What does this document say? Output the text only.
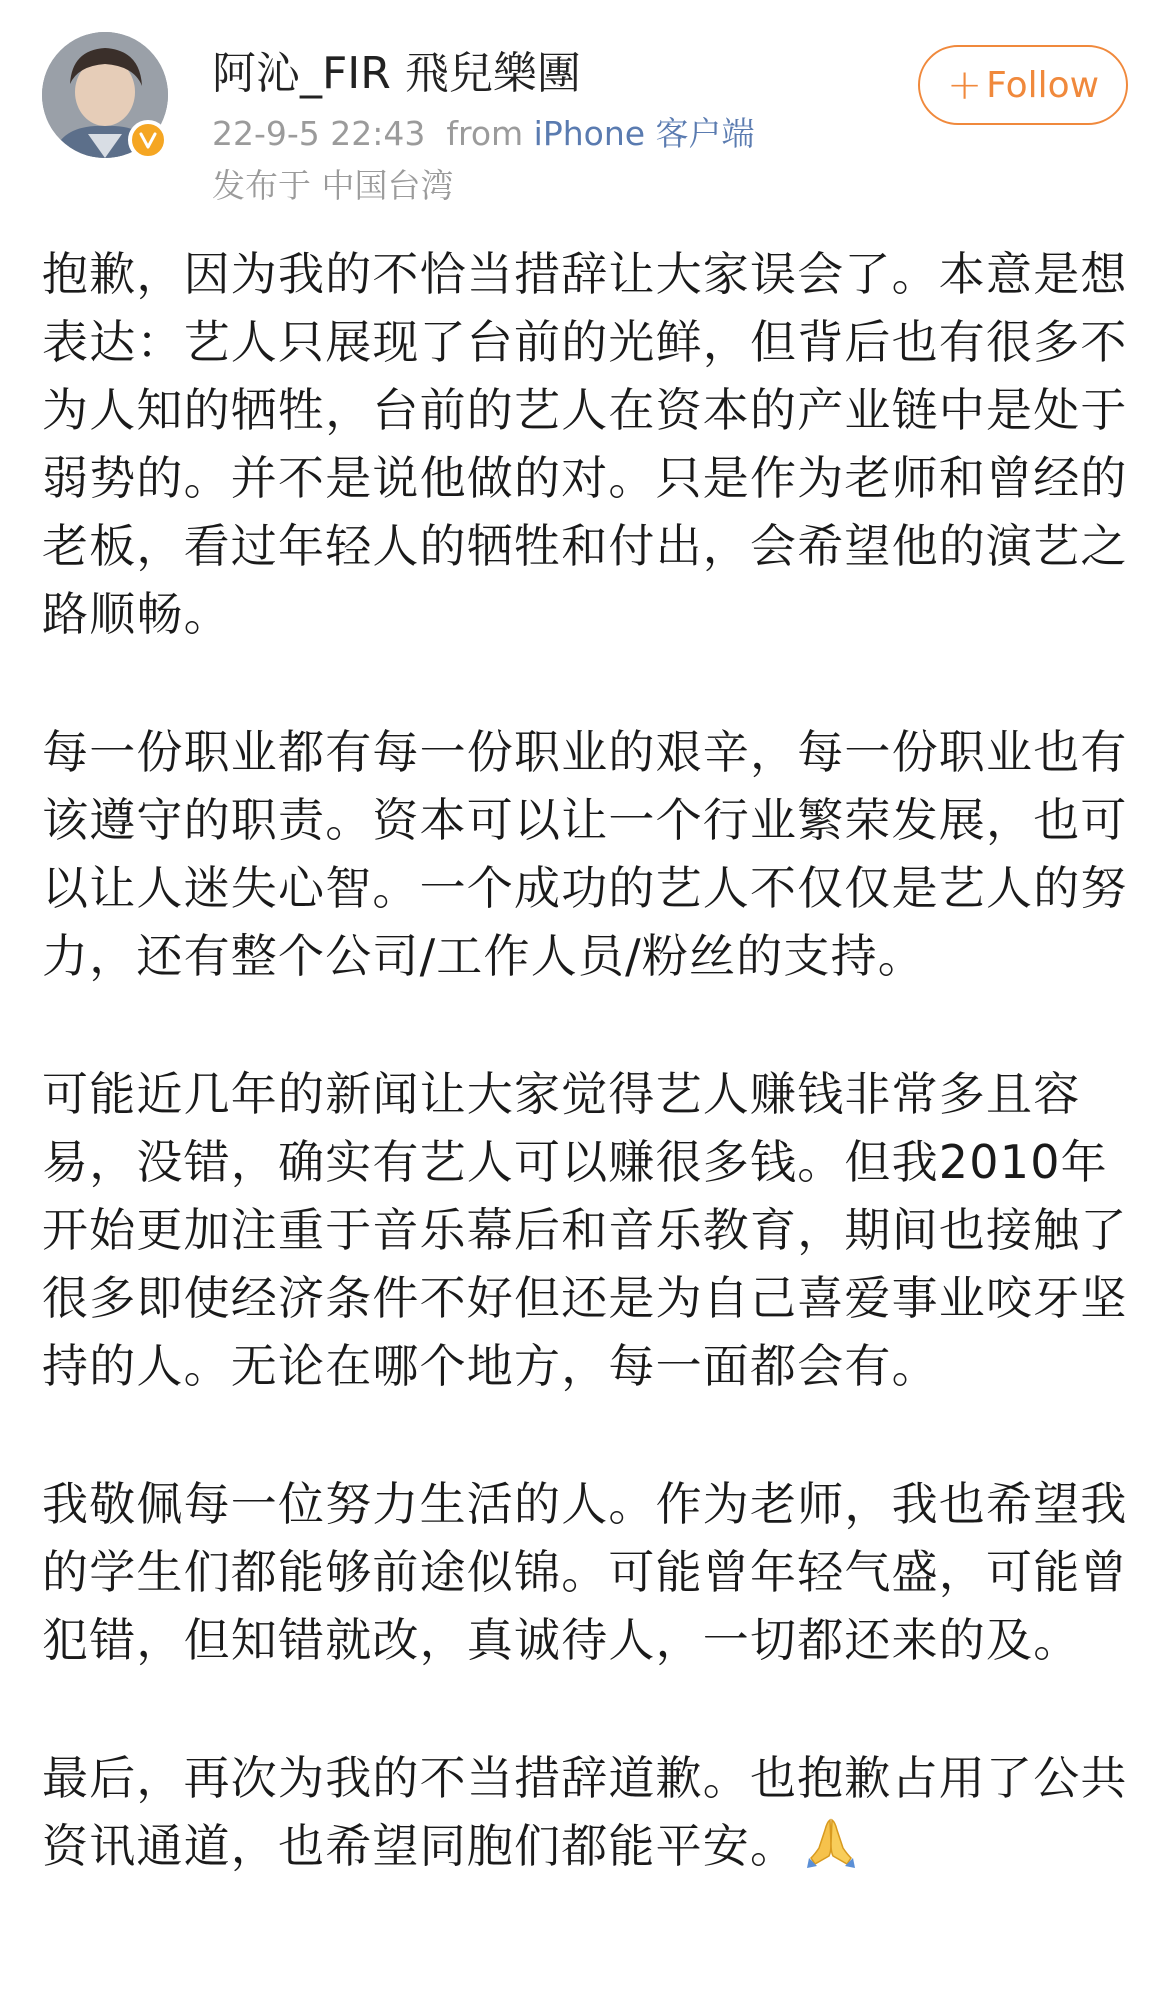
阿沁_FIR 飛兒樂團
22-9-5 22:43 from iPhone 客户端
发布于 中国台湾
+ Follow

抱歉，因为我的不恰当措辞让大家误会了。本意是想表达：艺人只展现了台前的光鲜，但背后也有很多不为人知的牺牲，台前的艺人在资本的产业链中是处于弱势的。并不是说他做的对。只是作为老师和曾经的老板，看过年轻人的牺牲和付出，会希望他的演艺之路顺畅。

每一份职业都有每一份职业的艰辛，每一份职业也有该遵守的职责。资本可以让一个行业繁荣发展，也可以让人迷失心智。一个成功的艺人不仅仅是艺人的努力，还有整个公司/工作人员/粉丝的支持。

可能近几年的新闻让大家觉得艺人赚钱非常多且容易，没错，确实有艺人可以赚很多钱。但我2010年开始更加注重于音乐幕后和音乐教育，期间也接触了很多即使经济条件不好但还是为自己喜爱事业咬牙坚持的人。无论在哪个地方，每一面都会有。

我敬佩每一位努力生活的人。作为老师，我也希望我的学生们都能够前途似锦。可能曾年轻气盛，可能曾犯错，但知错就改，真诚待人，一切都还来的及。

最后，再次为我的不当措辞道歉。也抱歉占用了公共资讯通道，也希望同胞们都能平安。
